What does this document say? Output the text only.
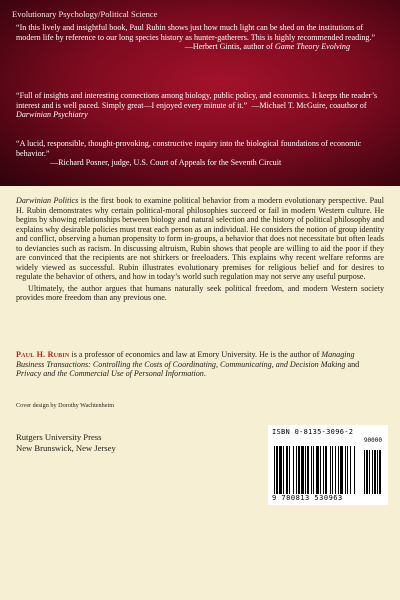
Evolutionary Psychology/Political Science

“In this lively and insightful book, Paul Rubin shows just how much light can be shed on the institutions of modern life by reference to our long species history as hunter-gatherers. This is highly recommended reading.”

—Herbert Gintis, author of Game Theory Evolving

“Full of insights and interesting connections among biology, public policy, and economics. It keeps the reader’s interest and is well paced. Simply great—I enjoyed every minute of it.” —Michael T. McGuire, coauthor of Darwinian Psychiatry

“A lucid, responsible, thought-provoking, constructive inquiry into the biological foundations of economic behavior.”

—Richard Posner, judge, U.S. Court of Appeals for the Seventh Circuit

Darwinian Politics is the first book to examine political behavior from a modern evolutionary perspective. Paul H. Rubin demonstrates why certain political-moral philosophies succeed or fail in modern Western culture. He begins by showing relationships between biology and natural selection and the history of political philosophy and explains why desirable policies must treat each person as an individual. He considers the notion of group identity and conflict, observing a human propensity to form in-groups, a behavior that does not necessitate but often leads to deviancies such as racism. In discussing altruism, Rubin shows that people are willing to aid the poor if they are convinced that the recipients are not shirkers or freeloaders. This explains why recent welfare reforms are widely viewed as successful. Rubin illustrates evolutionary premises for religious belief and for desires to regulate the behavior of others, and how in today’s world such regulation may not serve any useful purpose.

Ultimately, the author argues that humans naturally seek political freedom, and modern Western society provides more freedom than any previous one.

Paul H. Rubin is a professor of economics and law at Emory University. He is the author of Managing Business Transactions: Controlling the Costs of Coordinating, Communicating, and Decision Making and Privacy and the Commercial Use of Personal Information.
Cover design by Dorothy Wachtenheim
Rutgers University Press
New Brunswick, New Jersey
ISBN 0-8135-3096-2
90000
9 780813 530963
